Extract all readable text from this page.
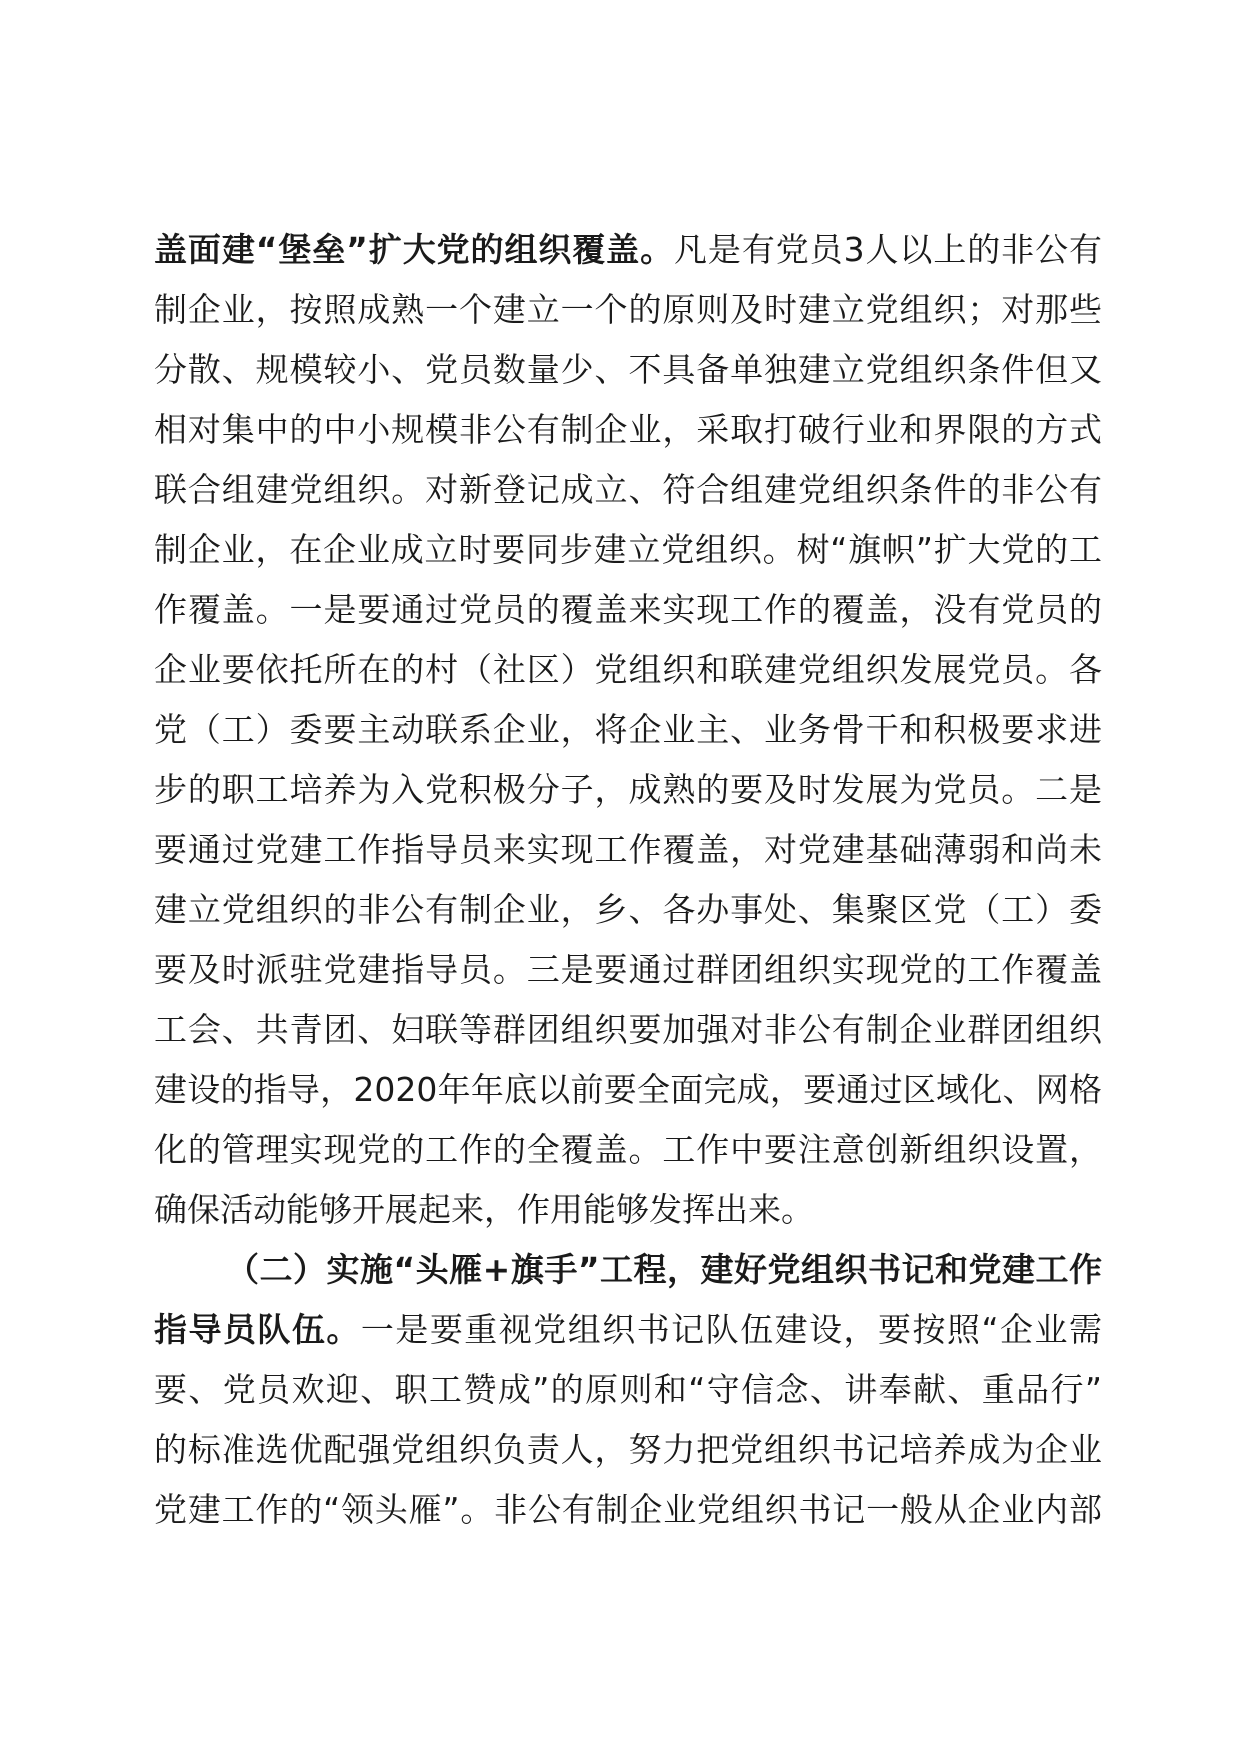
盖面建“堡垒”扩大党的组织覆盖。凡是有党员3人以上的非公有
制企业，按照成熟一个建立一个的原则及时建立党组织；对那些
分散、规模较小、党员数量少、不具备单独建立党组织条件但又
相对集中的中小规模非公有制企业，采取打破行业和界限的方式
联合组建党组织。对新登记成立、符合组建党组织条件的非公有
制企业，在企业成立时要同步建立党组织。树“旗帜”扩大党的工
作覆盖。一是要通过党员的覆盖来实现工作的覆盖，没有党员的
企业要依托所在的村（社区）党组织和联建党组织发展党员。各
党（工）委要主动联系企业，将企业主、业务骨干和积极要求进
步的职工培养为入党积极分子，成熟的要及时发展为党员。二是
要通过党建工作指导员来实现工作覆盖，对党建基础薄弱和尚未
建立党组织的非公有制企业，乡、各办事处、集聚区党（工）委
要及时派驻党建指导员。三是要通过群团组织实现党的工作覆盖
工会、共青团、妇联等群团组织要加强对非公有制企业群团组织
建设的指导，2020年年底以前要全面完成，要通过区域化、网格
化的管理实现党的工作的全覆盖。工作中要注意创新组织设置，
确保活动能够开展起来，作用能够发挥出来。
（二）实施“头雁+旗手”工程，建好党组织书记和党建工作
指导员队伍。一是要重视党组织书记队伍建设，要按照“企业需
要、党员欢迎、职工赞成”的原则和“守信念、讲奉献、重品行”
的标准选优配强党组织负责人，努力把党组织书记培养成为企业
党建工作的“领头雁”。非公有制企业党组织书记一般从企业内部
